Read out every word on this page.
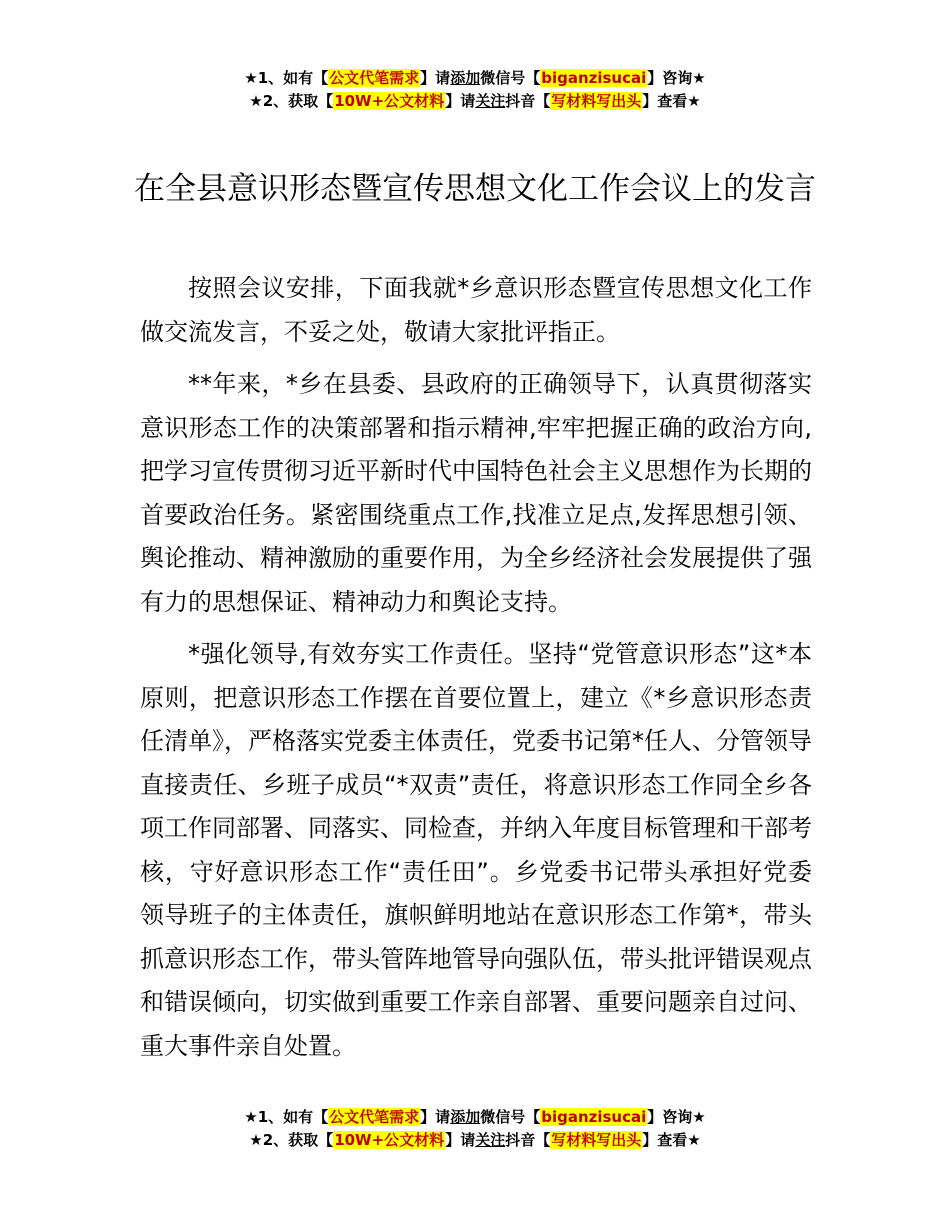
★1、如有【公文代笔需求】请添加微信号【biganzisucai】咨询★
★2、获取【10W+公文材料】请关注抖音【写材料写出头】查看★
在全县意识形态暨宣传思想文化工作会议上的发言

按照会议安排，下面我就*乡意识形态暨宣传思想文化工作做交流发言，不妥之处，敬请大家批评指正。

**年来，*乡在县委、县政府的正确领导下，认真贯彻落实意识形态工作的决策部署和指示精神,牢牢把握正确的政治方向,把学习宣传贯彻习近平新时代中国特色社会主义思想作为长期的首要政治任务。紧密围绕重点工作,找准立足点,发挥思想引领、舆论推动、精神激励的重要作用，为全乡经济社会发展提供了强有力的思想保证、精神动力和舆论支持。

*强化领导,有效夯实工作责任。坚持“党管意识形态”这*本原则，把意识形态工作摆在首要位置上，建立《*乡意识形态责任清单》，严格落实党委主体责任，党委书记第*任人、分管领导直接责任、乡班子成员“*双责”责任，将意识形态工作同全乡各项工作同部署、同落实、同检查，并纳入年度目标管理和干部考核，守好意识形态工作“责任田”。乡党委书记带头承担好党委领导班子的主体责任，旗帜鲜明地站在意识形态工作第*，带头抓意识形态工作，带头管阵地管导向强队伍，带头批评错误观点和错误倾向，切实做到重要工作亲自部署、重要问题亲自过问、重大事件亲自处置。

★1、如有【公文代笔需求】请添加微信号【biganzisucai】咨询★
★2、获取【10W+公文材料】请关注抖音【写材料写出头】查看★
